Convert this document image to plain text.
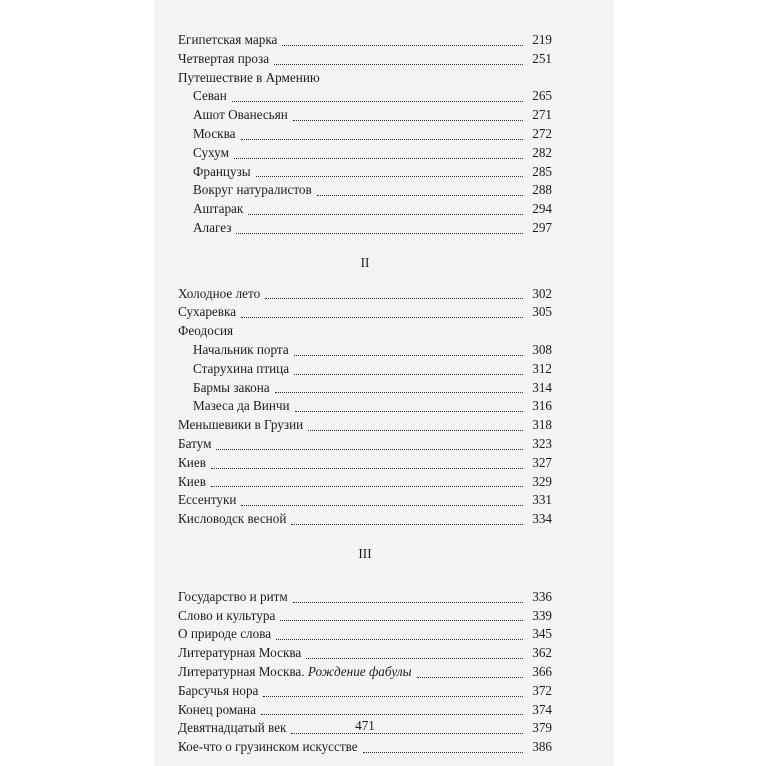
Египетская марка	219
Четвертая проза	251
Путешествие в Армению
Севан	265
Ашот Ованесьян	271
Москва	272
Сухум	282
Французы	285
Вокруг натуралистов	288
Аштарак	294
Алагез	297
II
Холодное лето	302
Сухаревка	305
Феодосия
Начальник порта	308
Старухина птица	312
Бармы закона	314
Мазеса да Винчи	316
Меньшевики в Грузии	318
Батум	323
Киев	327
Киев	329
Ессентуки	331
Кисловодск весной	334
III
Государство и ритм	336
Слово и культура	339
О природе слова	345
Литературная Москва	362
Литературная Москва. Рождение фабулы	366
Барсучья нора	372
Конец романа	374
Девятнадцатый век	379
Кое-что о грузинском искусстве	386
471
